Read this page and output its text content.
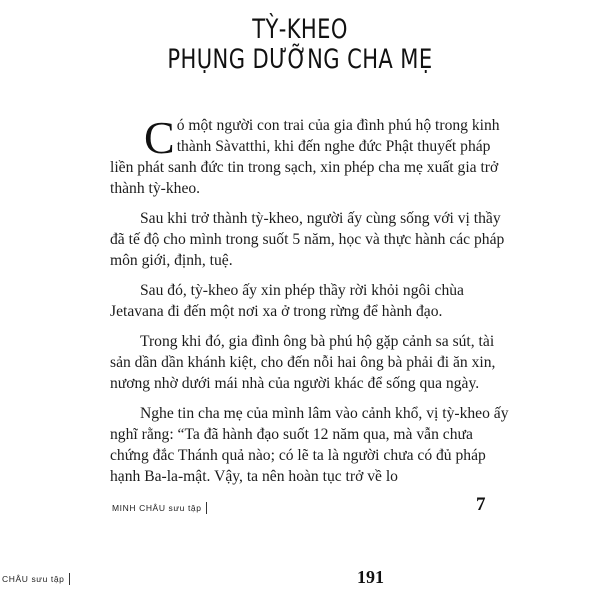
TỲ-KHEO
PHỤNG DƯỠNG CHA MẸ

Có một người con trai của gia đình phú hộ trong kinh thành Sàvatthi, khi đến nghe đức Phật thuyết pháp liền phát sanh đức tin trong sạch, xin phép cha mẹ xuất gia trở thành tỳ-kheo.

Sau khi trở thành tỳ-kheo, người ấy cùng sống với vị thầy đã tế độ cho mình trong suốt 5 năm, học và thực hành các pháp môn giới, định, tuệ.

Sau đó, tỳ-kheo ấy xin phép thầy rời khỏi ngôi chùa Jetavana đi đến một nơi xa ở trong rừng để hành đạo.

Trong khi đó, gia đình ông bà phú hộ gặp cảnh sa sút, tài sản dần dần khánh kiệt, cho đến nỗi hai ông bà phải đi ăn xin, nương nhờ dưới mái nhà của người khác để sống qua ngày.

Nghe tin cha mẹ của mình lâm vào cảnh khổ, vị tỳ-kheo ấy nghĩ rằng: “Ta đã hành đạo suốt 12 năm qua, mà vẫn chưa chứng đắc Thánh quả nào; có lẽ ta là người chưa có đủ pháp hạnh Ba-la-mật. Vậy, ta nên hoàn tục trở về lo

MINH CHÂU sưu tập	7
CHÂU sưu tập	191
